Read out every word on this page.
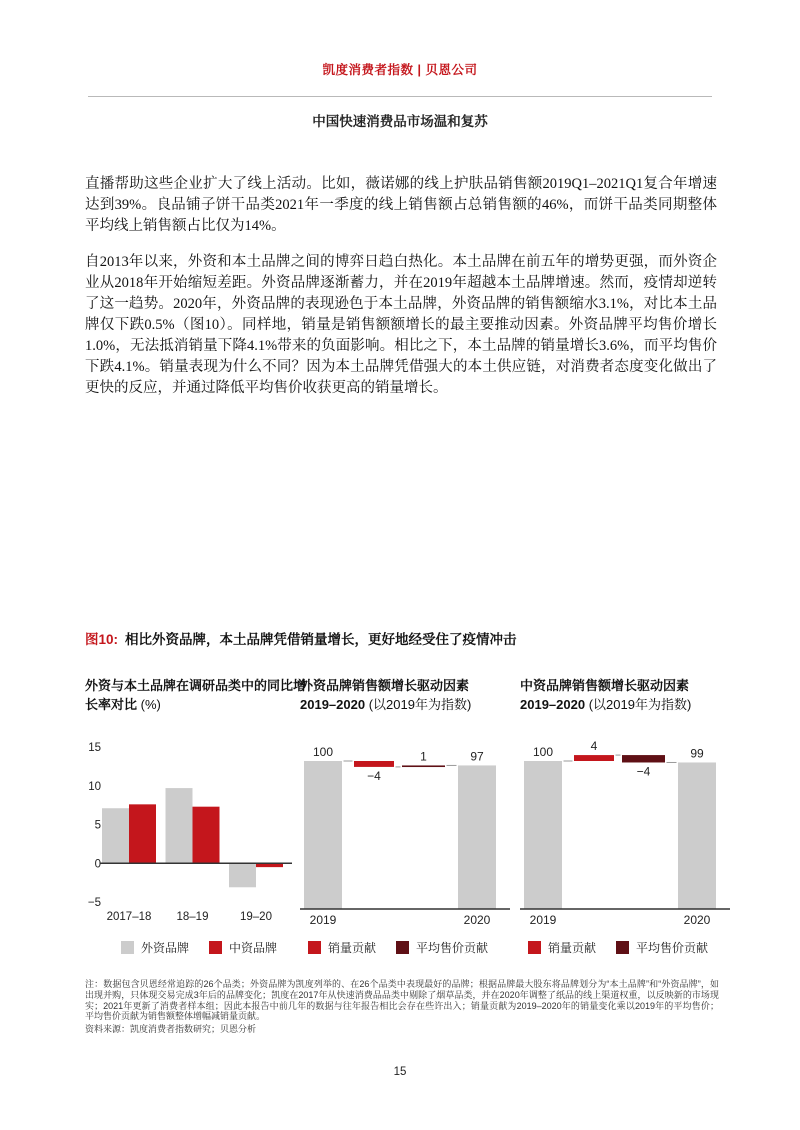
凯度消费者指数 | 贝恩公司
中国快速消费品市场温和复苏

直播帮助这些企业扩大了线上活动。比如，薇诺娜的线上护肤品销售额2019Q1–2021Q1复合年增速达到39%。良品铺子饼干品类2021年一季度的线上销售额占总销售额的46%，而饼干品类同期整体平均线上销售额占比仅为14%。

自2013年以来，外资和本土品牌之间的博弈日趋白热化。本土品牌在前五年的增势更强，而外资企业从2018年开始缩短差距。外资品牌逐渐蓄力，并在2019年超越本土品牌增速。然而，疫情却逆转了这一趋势。2020年，外资品牌的表现逊色于本土品牌，外资品牌的销售额缩水3.1%，对比本土品牌仅下跌0.5%（图10）。同样地，销量是销售额额增长的最主要推动因素。外资品牌平均售价增长1.0%，无法抵消销量下降4.1%带来的负面影响。相比之下，本土品牌的销量增长3.6%，而平均售价下跌4.1%。销量表现为什么不同？因为本土品牌凭借强大的本土供应链，对消费者态度变化做出了更快的反应，并通过降低平均售价收获更高的销量增长。

图10: 相比外资品牌，本土品牌凭借销量增长，更好地经受住了疫情冲击
外资与本土品牌在调研品类中的同比增长率对比 (%)
外资品牌销售额增长驱动因素
2019–2020 (以2019年为指数)
中资品牌销售额增长驱动因素
2019–2020 (以2019年为指数)
15
10
5
0
−5
2017–18 18–19	19–20
100
2019
−4
1	97
2020
100
2019
4
−4
99
2020
外资品牌	中资品牌	销量贡献	平均售价贡献	销量贡献	平均售价贡献

注：数据包含贝恩经常追踪的26个品类；外资品牌为凯度列举的、在26个品类中表现最好的品牌；根据品牌最大股东将品牌划分为“本土品牌”和“外资品牌”，如出现并购，只体现交易完成3年后的品牌变化；凯度在2017年从快速消费品品类中剔除了烟草品类，并在2020年调整了纸品的线上渠道权重，以反映新的市场现实；2021年更新了消费者样本组；因此本报告中前几年的数据与往年报告相比会存在些许出入；销量贡献为2019–2020年的销量变化乘以2019年的平均售价；平均售价贡献为销售额整体增幅减销量贡献。

资料来源：凯度消费者指数研究；贝恩分析

15
